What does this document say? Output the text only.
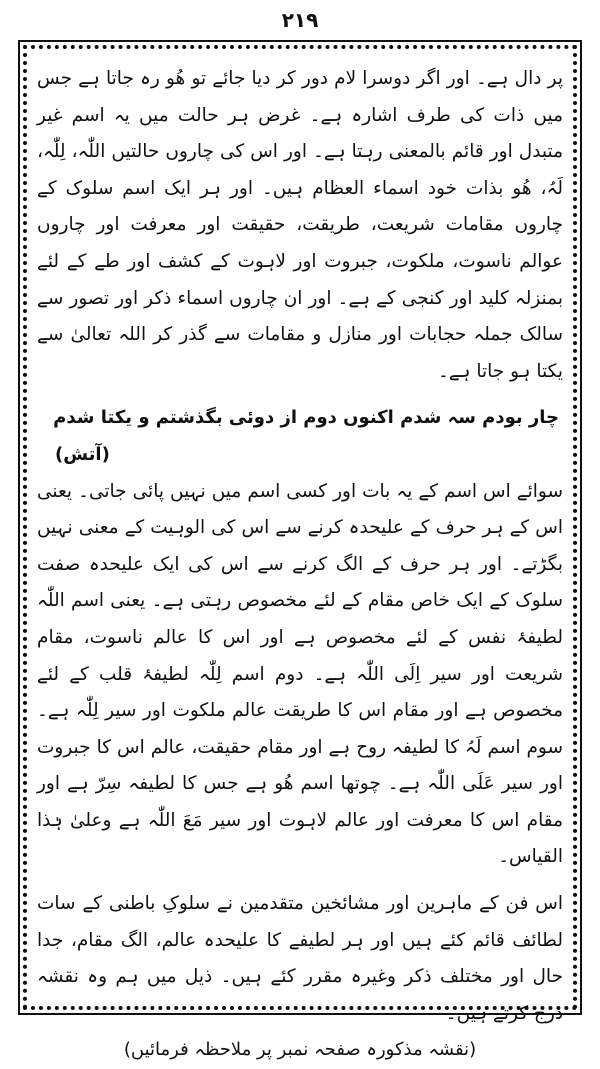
۲۱۹

پر دال ہے۔ اور اگر دوسرا لام دور کر دیا جائے تو ھُو رہ جاتا ہے جس میں ذات کی طرف اشارہ ہے۔ غرض ہر حالت میں یہ اسم غیر متبدل اور قائم بالمعنی رہتا ہے۔ اور اس کی چاروں حالتیں اللّٰہ، لِلّٰہ، لَہُ، ھُو بذات خود اسماء العظام ہیں۔ اور ہر ایک اسم سلوک کے چاروں مقامات شریعت، طریقت، حقیقت اور معرفت اور چاروں عوالم ناسوت، ملکوت، جبروت اور لاہوت کے کشف اور طے کے لئے بمنزلہ کلید اور کنجی کے ہے۔ اور ان چاروں اسماء ذکر اور تصور سے سالک جملہ حجابات اور منازل و مقامات سے گذر کر اللہ تعالیٰ سے یکتا ہو جاتا ہے۔

چار بودم سہ شدم اکنوں دوم از دوئی بگذشتم و یکتا شدم

(آتش)

سوائے اس اسم کے یہ بات اور کسی اسم میں نہیں پائی جاتی۔ یعنی اس کے ہر حرف کے علیحدہ کرنے سے اس کی الوہیت کے معنی نہیں بگڑتے۔ اور ہر حرف کے الگ کرنے سے اس کی ایک علیحدہ صفت سلوک کے ایک خاص مقام کے لئے مخصوص رہتی ہے۔ یعنی اسم اللّٰہ لطیفۂ نفس کے لئے مخصوص ہے اور اس کا عالم ناسوت، مقام شریعت اور سیر اِلَی اللّٰہ ہے۔ دوم اسم لِلّٰہ لطیفۂ قلب کے لئے مخصوص ہے اور مقام اس کا طریقت عالم ملکوت اور سیر لِلّٰہ ہے۔ سوم اسم لَہُ کا لطیفہ روح ہے اور مقام حقیقت، عالم اس کا جبروت اور سیر عَلَی اللّٰہ ہے۔ چوتھا اسم ھُو ہے جس کا لطیفہ سِرّ ہے اور مقام اس کا معرفت اور عالم لاہوت اور سیر مَعَ اللّٰہ ہے وعلیٰ ہٰذا القیاس۔

اس فن کے ماہرین اور مشائخین متقدمین نے سلوکِ باطنی کے سات لطائف قائم کئے ہیں اور ہر لطیفے کا علیحدہ عالم، الگ مقام، جدا حال اور مختلف ذکر وغیرہ مقرر کئے ہیں۔ ذیل میں ہم وہ نقشہ درج کرتے ہیں۔

(نقشہ مذکورہ صفحہ نمبر پر ملاحظہ فرمائیں)
